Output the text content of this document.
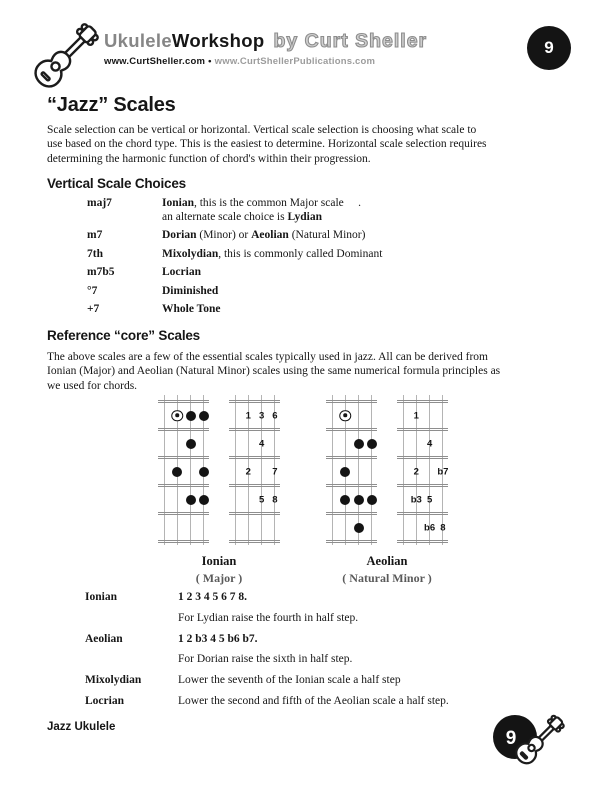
UkuleleWorkshop by Curt Sheller
www.CurtSheller.com • www.CurtShellerPublications.com
9
“Jazz” Scales
Scale selection can be vertical or horizontal. Vertical scale selection is choosing what scale to
use based on the chord type. This is the easiest to determine. Horizontal scale selection requires
determining the harmonic function of chord's within their progression.
Vertical Scale Choices
maj7	Ionian, this is the common Major scale     .
an alternate scale choice is Lydian
m7	Dorian (Minor) or Aeolian (Natural Minor)
7th	Mixolydian, this is commonly called Dominant
m7b5	Locrian
°7	Diminished
+7	Whole Tone
Reference “core” Scales
The above scales are a few of the essential scales typically used in jazz. All can be derived from
Ionian (Major) and Aeolian (Natural Minor) scales using the same numerical formula principles as
we used for chords.
1 3 6
4
2 7
5 8
Ionian
( Major )
1
4
2 b7
b3 5
b6 8
Aeolian
( Natural Minor )
Ionian	1 2 3 4 5 6 7 8.
For Lydian raise the fourth in half step.
Aeolian	1 2 b3 4 5 b6 b7.
For Dorian raise the sixth in half step.
Mixolydian	Lower the seventh of the Ionian scale a half step
Locrian	Lower the second and fifth of the Aeolian scale a half step.
Jazz Ukulele
9
